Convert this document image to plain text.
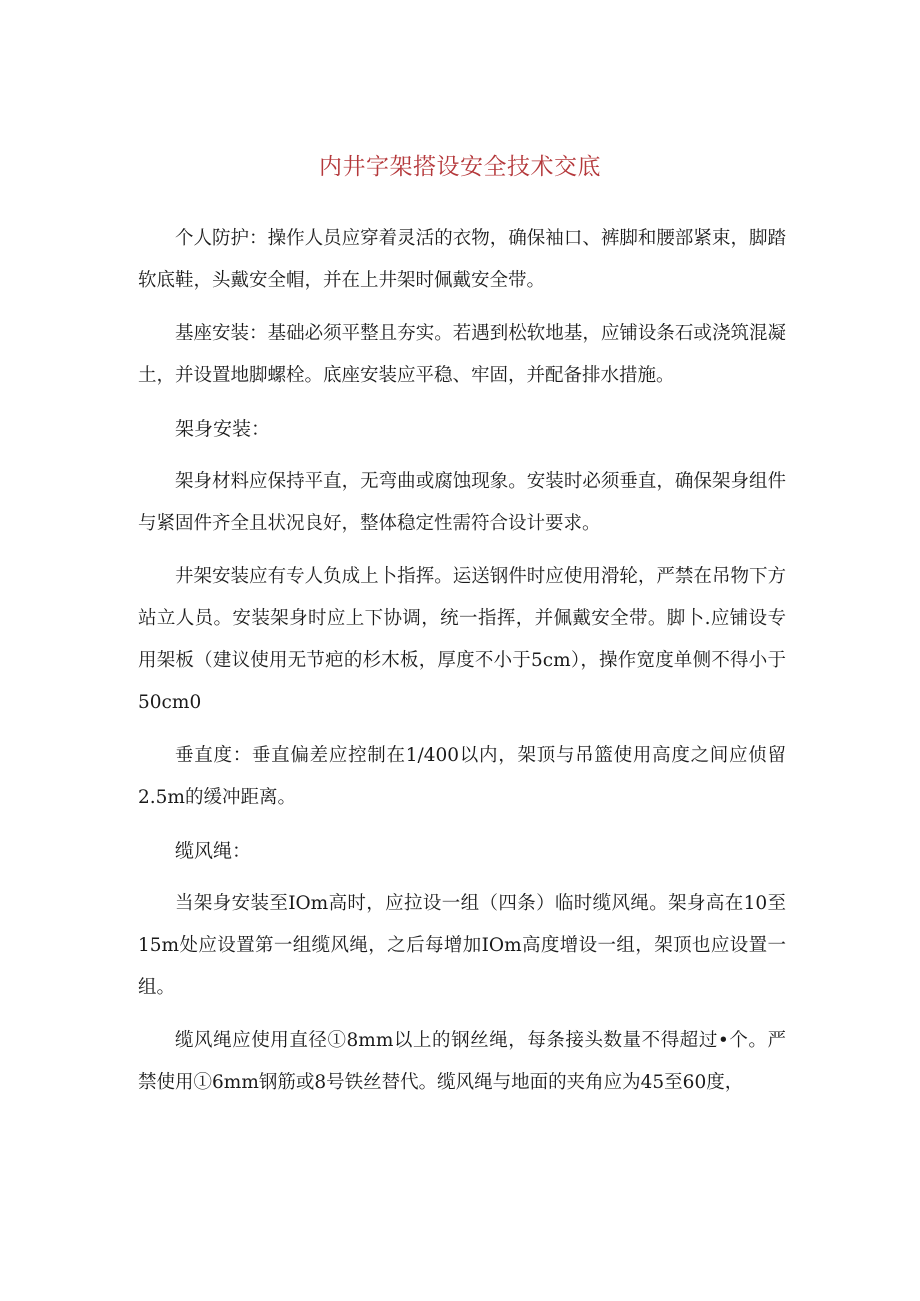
内井字架搭设安全技术交底

个人防护：操作人员应穿着灵活的衣物，确保袖口、裤脚和腰部紧束，脚踏软底鞋，头戴安全帽，并在上井架时佩戴安全带。

基座安装：基础必须平整且夯实。若遇到松软地基，应铺设条石或浇筑混凝土，并设置地脚螺栓。底座安装应平稳、牢固，并配备排水措施。

架身安装：

架身材料应保持平直，无弯曲或腐蚀现象。安装时必须垂直，确保架身组件与紧固件齐全且状况良好，整体稳定性需符合设计要求。

井架安装应有专人负成上卜指挥。运送钢件时应使用滑轮，严禁在吊物下方站立人员。安装架身时应上下协调，统一指挥，并佩戴安全带。脚卜.应铺设专用架板（建议使用无节疤的杉木板，厚度不小于5cm），操作宽度单侧不得小于50cm0

垂直度：垂直偏差应控制在1/400以内，架顶与吊篮使用高度之间应侦留2.5m的缓冲距离。

缆风绳：

当架身安装至IOm高时，应拉设一组（四条）临时缆风绳。架身高在10至15m处应设置第一组缆风绳，之后每增加IOm高度增设一组，架顶也应设置一组。

缆风绳应使用直径①8mm以上的钢丝绳，每条接头数量不得超过•个。严禁使用①6mm钢筋或8号铁丝替代。缆风绳与地面的夹角应为45至60度，
